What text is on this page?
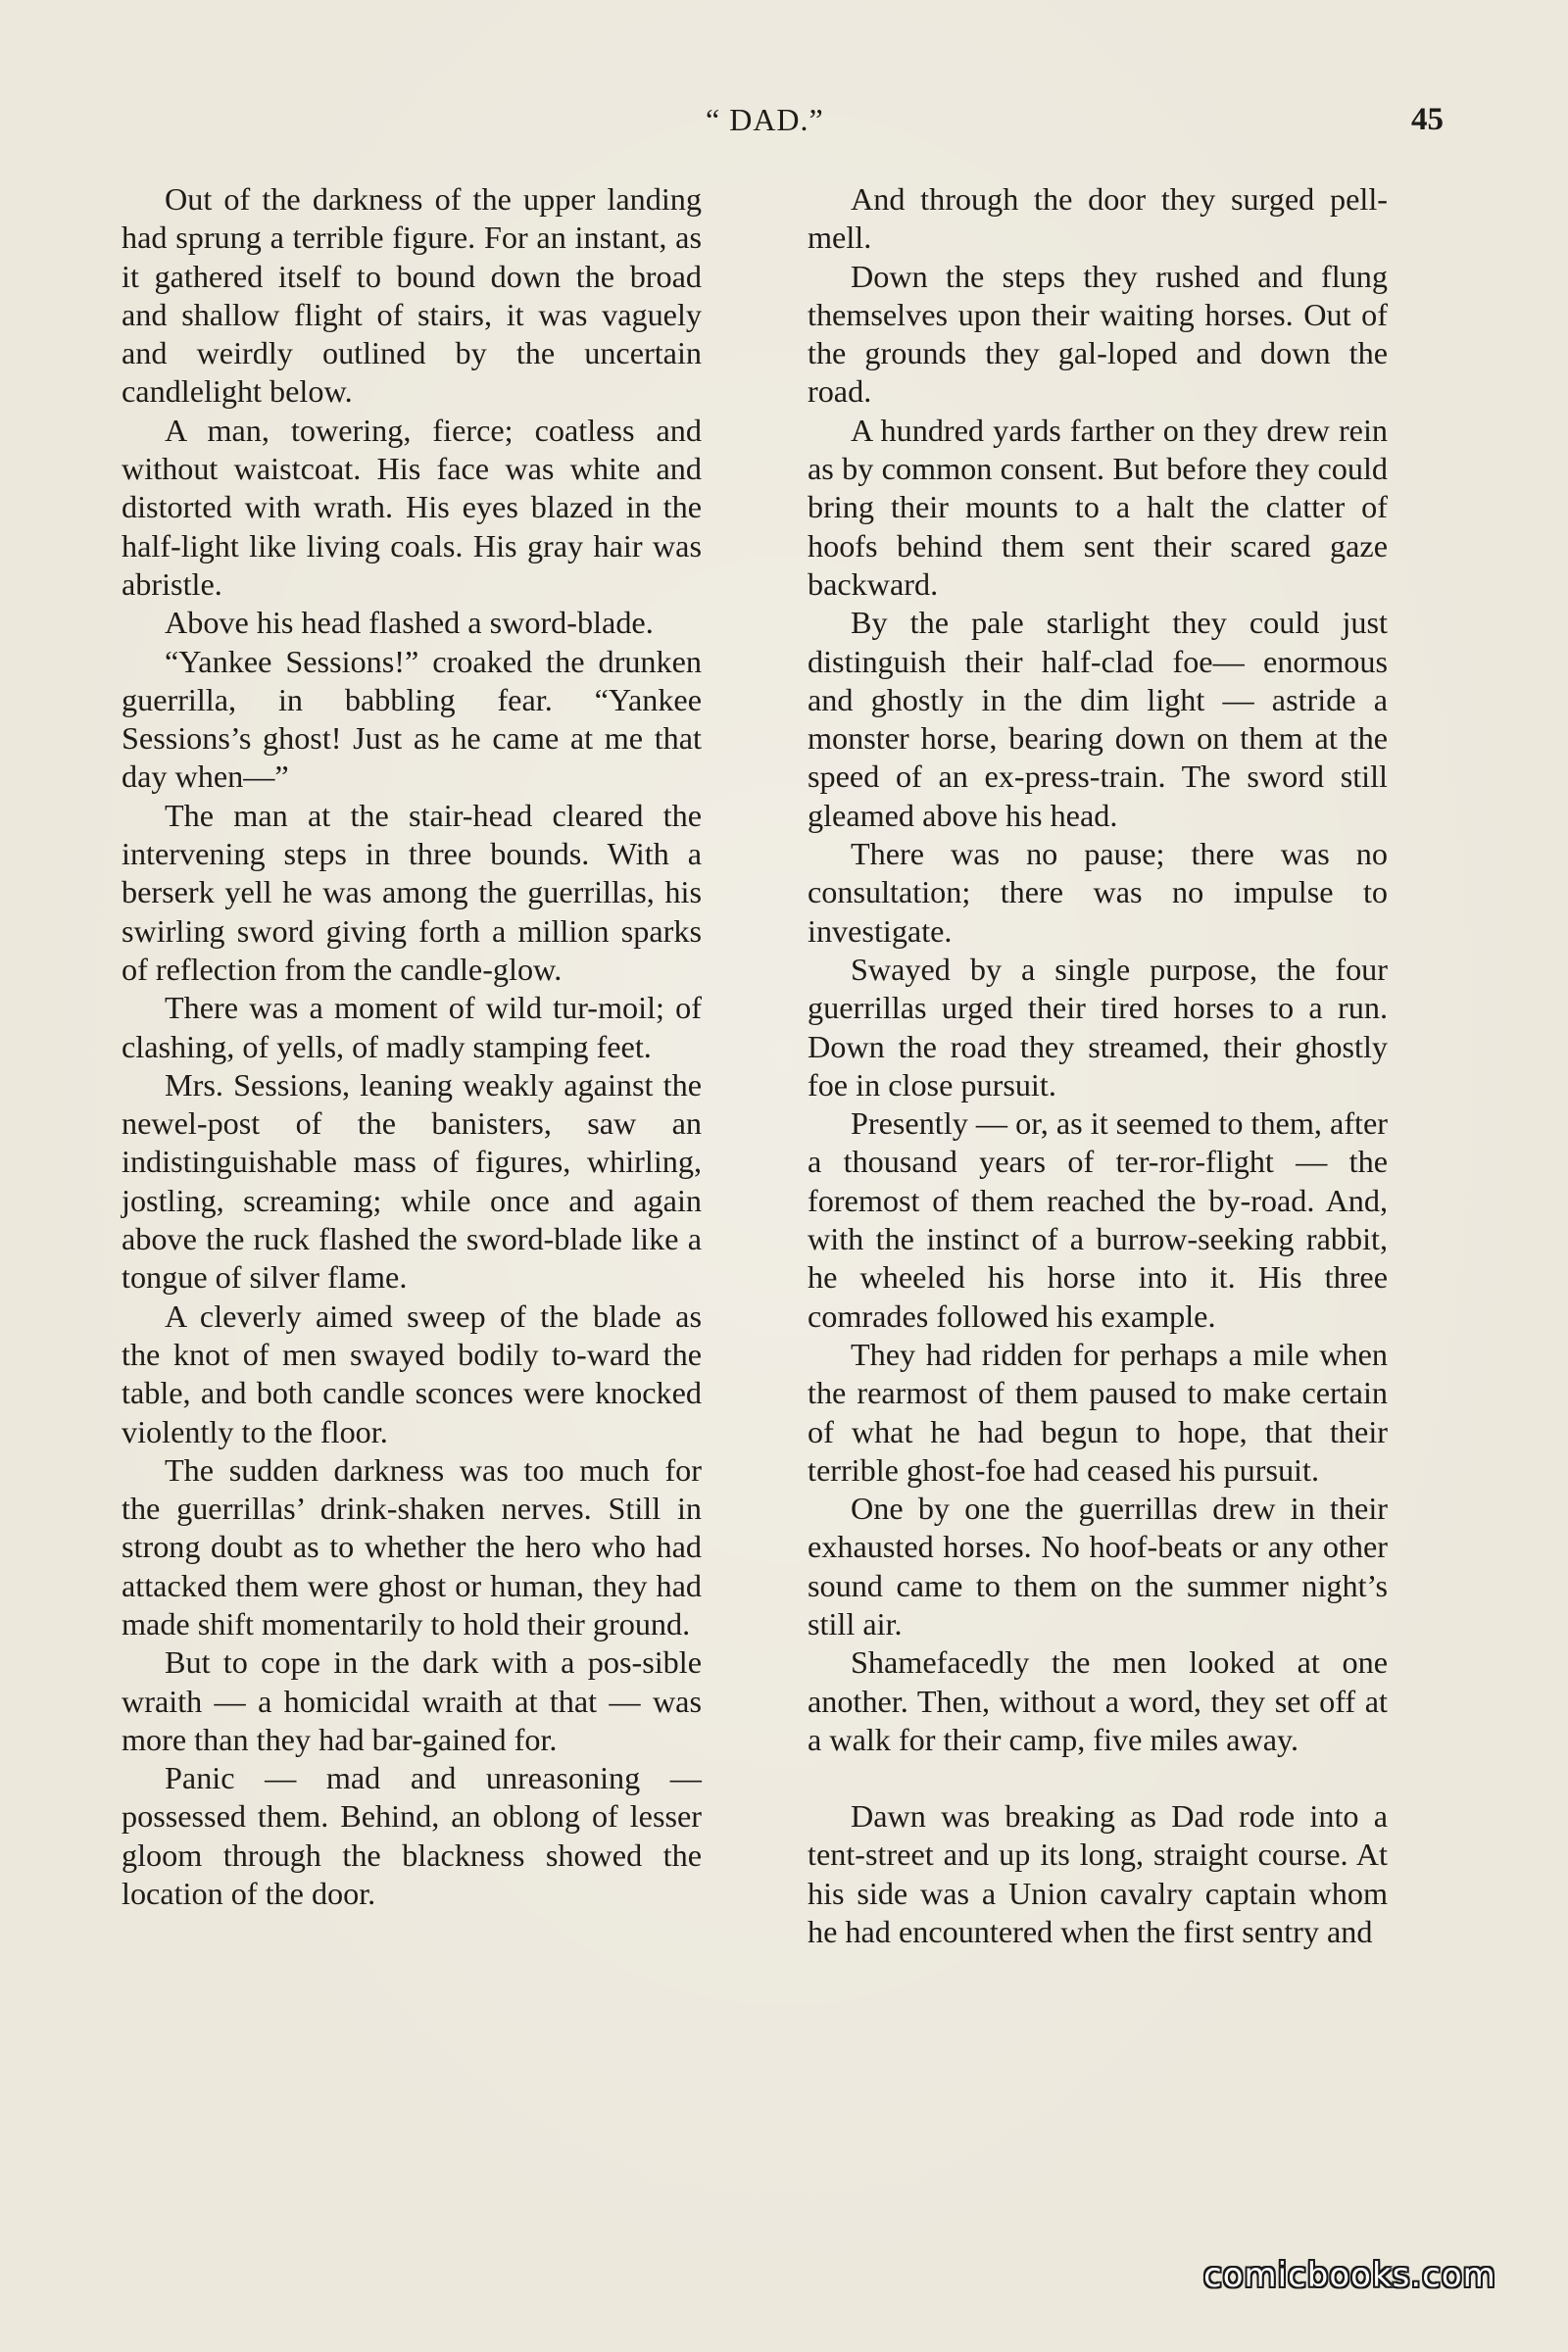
“ DAD.”	45

Out of the darkness of the upper landing had sprung a terrible figure. For an instant, as it gathered itself to bound down the broad and shallow flight of stairs, it was vaguely and weirdly outlined by the uncertain candlelight below.

A man, towering, fierce; coatless and without waistcoat. His face was white and distorted with wrath. His eyes blazed in the half-light like living coals. His gray hair was abristle.

Above his head flashed a sword-blade.

“Yankee Sessions!” croaked the drunken guerrilla, in babbling fear. “Yankee Sessions’s ghost! Just as he came at me that day when—”

The man at the stair-head cleared the intervening steps in three bounds. With a berserk yell he was among the guerrillas, his swirling sword giving forth a million sparks of reflection from the candle-glow.

There was a moment of wild tur-moil; of clashing, of yells, of madly stamping feet.

Mrs. Sessions, leaning weakly against the newel-post of the banisters, saw an indistinguishable mass of figures, whirling, jostling, screaming; while once and again above the ruck flashed the sword-blade like a tongue of silver flame.

A cleverly aimed sweep of the blade as the knot of men swayed bodily to-ward the table, and both candle sconces were knocked violently to the floor.

The sudden darkness was too much for the guerrillas’ drink-shaken nerves. Still in strong doubt as to whether the hero who had attacked them were ghost or human, they had made shift momentarily to hold their ground.

But to cope in the dark with a pos-sible wraith — a homicidal wraith at that — was more than they had bar-gained for.

Panic — mad and unreasoning — possessed them. Behind, an oblong of lesser gloom through the blackness showed the location of the door.

And through the door they surged pell-mell.

Down the steps they rushed and flung themselves upon their waiting horses. Out of the grounds they gal-loped and down the road.

A hundred yards farther on they drew rein as by common consent. But before they could bring their mounts to a halt the clatter of hoofs behind them sent their scared gaze backward.

By the pale starlight they could just distinguish their half-clad foe— enormous and ghostly in the dim light — astride a monster horse, bearing down on them at the speed of an ex-press-train. The sword still gleamed above his head.

There was no pause; there was no consultation; there was no impulse to investigate.

Swayed by a single purpose, the four guerrillas urged their tired horses to a run. Down the road they streamed, their ghostly foe in close pursuit.

Presently — or, as it seemed to them, after a thousand years of ter-ror-flight — the foremost of them reached the by-road. And, with the instinct of a burrow-seeking rabbit, he wheeled his horse into it. His three comrades followed his example.

They had ridden for perhaps a mile when the rearmost of them paused to make certain of what he had begun to hope, that their terrible ghost-foe had ceased his pursuit.

One by one the guerrillas drew in their exhausted horses. No hoof-beats or any other sound came to them on the summer night’s still air.

Shamefacedly the men looked at one another. Then, without a word, they set off at a walk for their camp, five miles away.

Dawn was breaking as Dad rode into a tent-street and up its long, straight course. At his side was a Union cavalry captain whom he had encountered when the first sentry and

comicbooks.com
